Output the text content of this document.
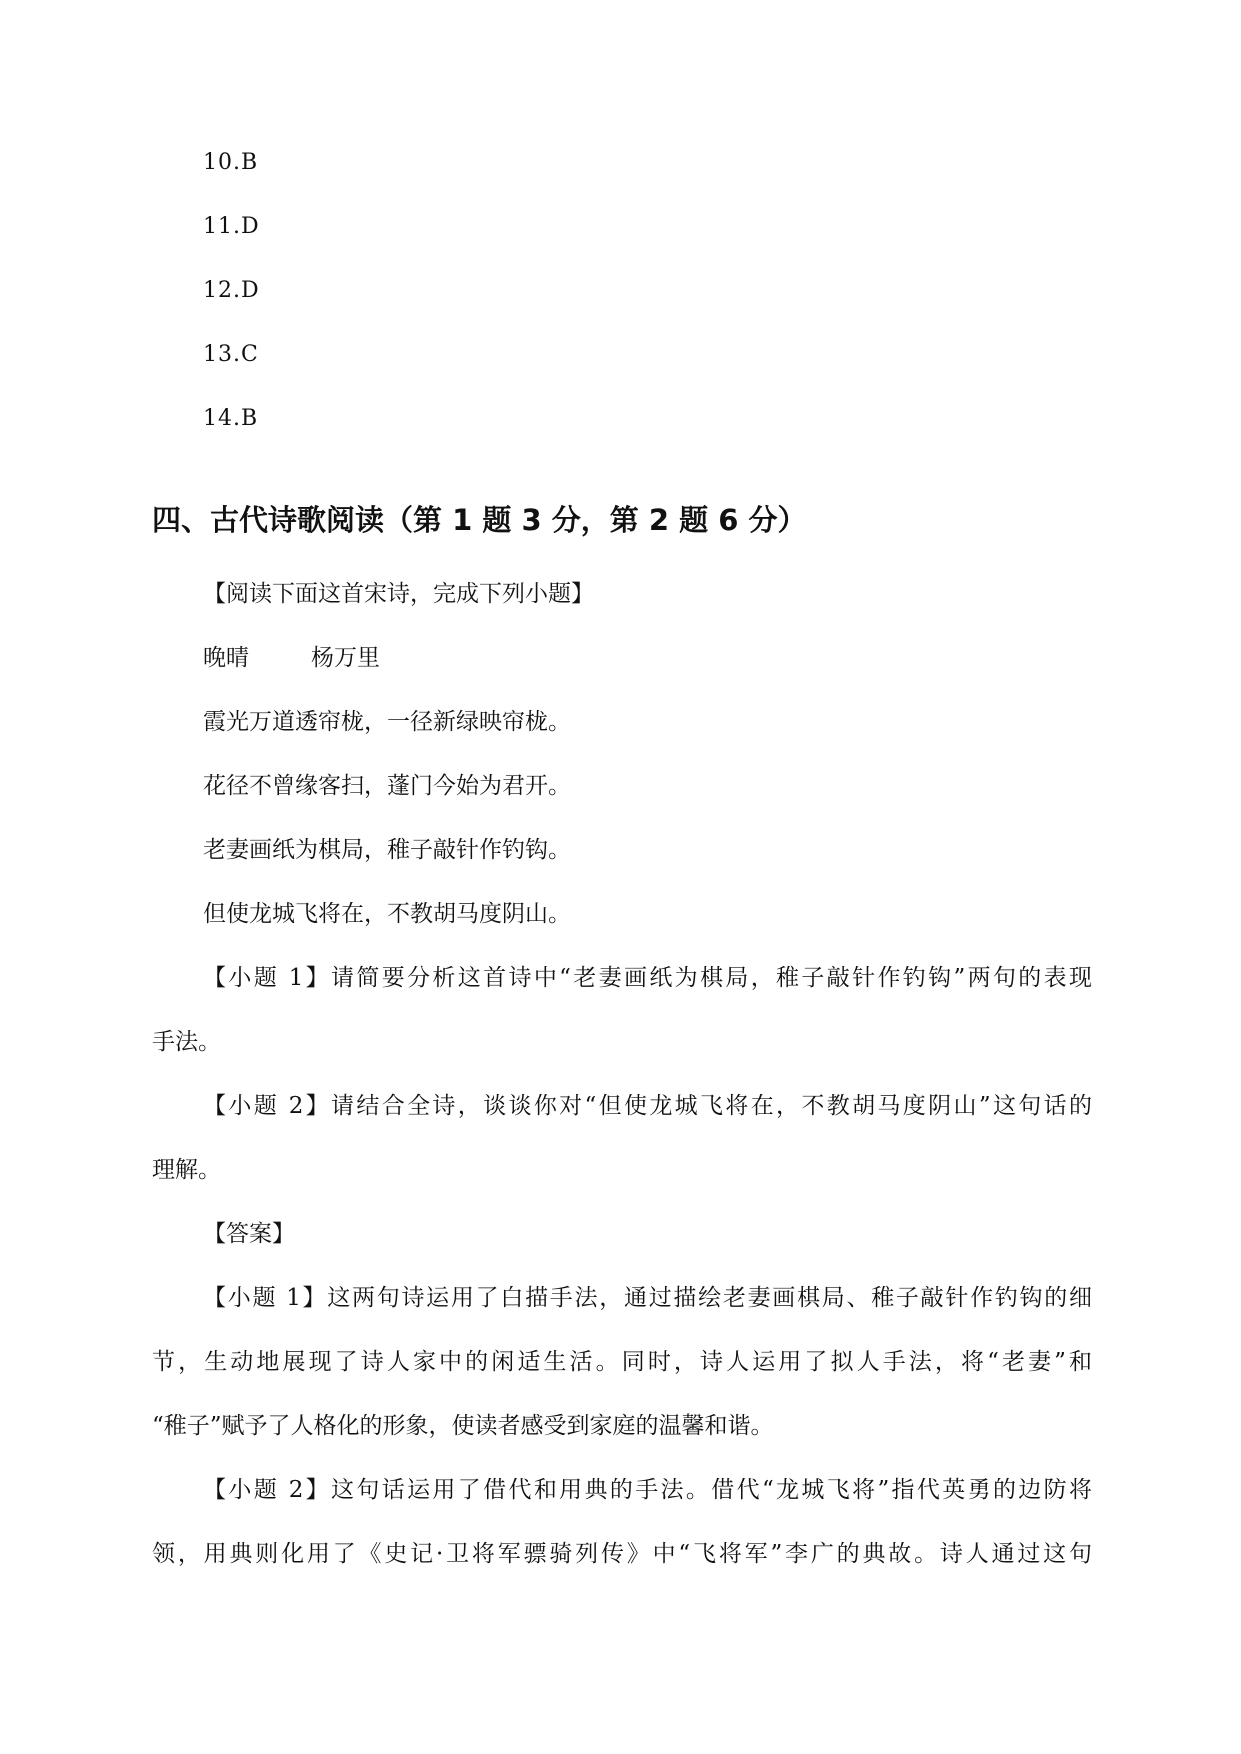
10.B
11.D
12.D
13.C
14.B
四、古代诗歌阅读（第 1 题 3 分，第 2 题 6 分）
【阅读下面这首宋诗，完成下列小题】
晚晴	杨万里
霞光万道透帘栊，一径新绿映帘栊。
花径不曾缘客扫，蓬门今始为君开。
老妻画纸为棋局，稚子敲针作钓钩。
但使龙城飞将在，不教胡马度阴山。
【小题 1】请简要分析这首诗中“老妻画纸为棋局，稚子敲针作钓钩”两句的表现
手法。
【小题 2】请结合全诗，谈谈你对“但使龙城飞将在，不教胡马度阴山”这句话的
理解。
【答案】
【小题 1】这两句诗运用了白描手法，通过描绘老妻画棋局、稚子敲针作钓钩的细
节，生动地展现了诗人家中的闲适生活。同时，诗人运用了拟人手法，将“老妻”和
“稚子”赋予了人格化的形象，使读者感受到家庭的温馨和谐。
【小题 2】这句话运用了借代和用典的手法。借代“龙城飞将”指代英勇的边防将
领，用典则化用了《史记·卫将军骠骑列传》中“飞将军”李广的典故。诗人通过这句
